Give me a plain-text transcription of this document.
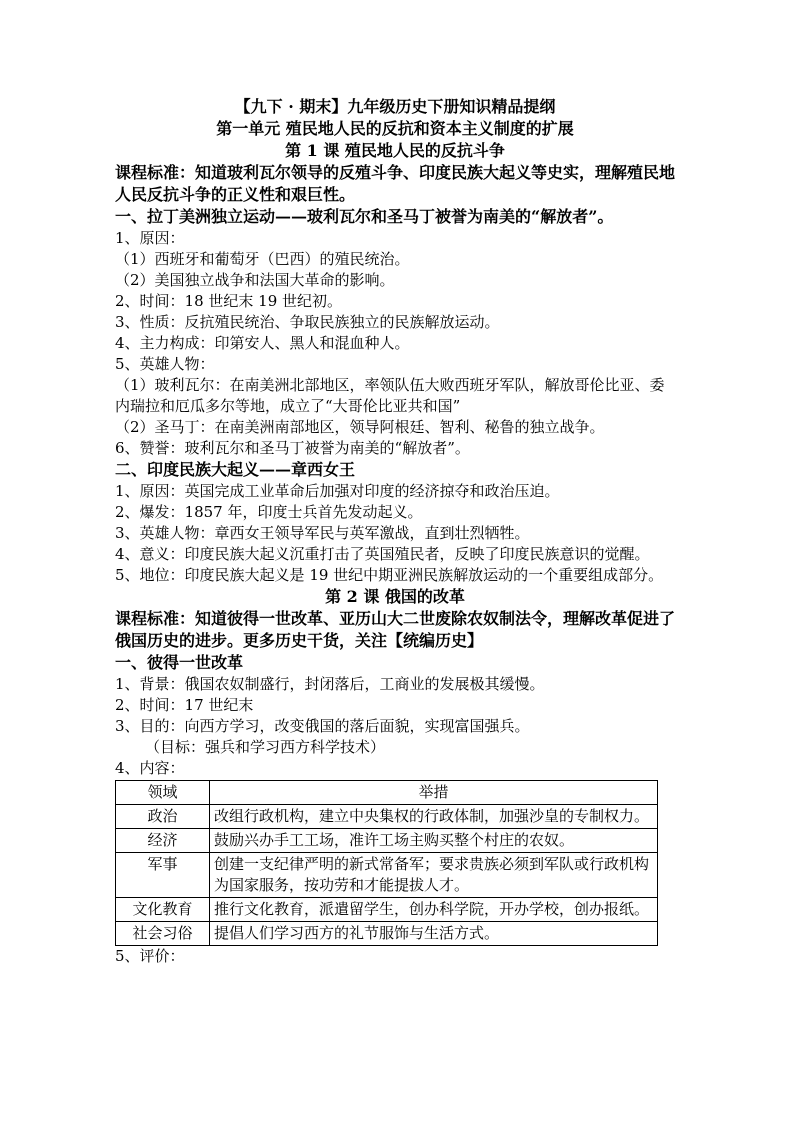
【九下 · 期末】九年级历史下册知识精品提纲
第一单元 殖民地人民的反抗和资本主义制度的扩展
第 1 课 殖民地人民的反抗斗争
课程标准：知道玻利瓦尔领导的反殖斗争、印度民族大起义等史实，理解殖民地人民反抗斗争的正义性和艰巨性。
一、拉丁美洲独立运动——玻利瓦尔和圣马丁被誉为南美的“解放者”。
1、原因：
（1）西班牙和葡萄牙（巴西）的殖民统治。
（2）美国独立战争和法国大革命的影响。
2、时间：18 世纪末 19 世纪初。
3、性质：反抗殖民统治、争取民族独立的民族解放运动。
4、主力构成：印第安人、黑人和混血种人。
5、英雄人物：
（1）玻利瓦尔：在南美洲北部地区，率领队伍大败西班牙军队，解放哥伦比亚、委内瑞拉和厄瓜多尔等地，成立了“大哥伦比亚共和国”
（2）圣马丁：在南美洲南部地区，领导阿根廷、智利、秘鲁的独立战争。
6、赞誉：玻利瓦尔和圣马丁被誉为南美的“解放者”。
二、印度民族大起义——章西女王
1、原因：英国完成工业革命后加强对印度的经济掠夺和政治压迫。
2、爆发：1857 年，印度士兵首先发动起义。
3、英雄人物：章西女王领导军民与英军激战，直到壮烈牺牲。
4、意义：印度民族大起义沉重打击了英国殖民者，反映了印度民族意识的觉醒。
5、地位：印度民族大起义是 19 世纪中期亚洲民族解放运动的一个重要组成部分。
第 2 课 俄国的改革
课程标准：知道彼得一世改革、亚历山大二世废除农奴制法令，理解改革促进了俄国历史的进步。更多历史干货，关注【统编历史】
一、彼得一世改革
1、背景：俄国农奴制盛行，封闭落后，工商业的发展极其缓慢。
2、时间：17 世纪末
3、目的：向西方学习，改变俄国的落后面貌，实现富国强兵。
（目标：强兵和学习西方科学技术）
4、内容：
领域	举措
政治	改组行政机构，建立中央集权的行政体制，加强沙皇的专制权力。
经济	鼓励兴办手工工场，准许工场主购买整个村庄的农奴。
军事	创建一支纪律严明的新式常备军；要求贵族必须到军队或行政机构为国家服务，按功劳和才能提拔人才。
文化教育	推行文化教育，派遣留学生，创办科学院，开办学校，创办报纸。
社会习俗	提倡人们学习西方的礼节服饰与生活方式。
5、评价：
